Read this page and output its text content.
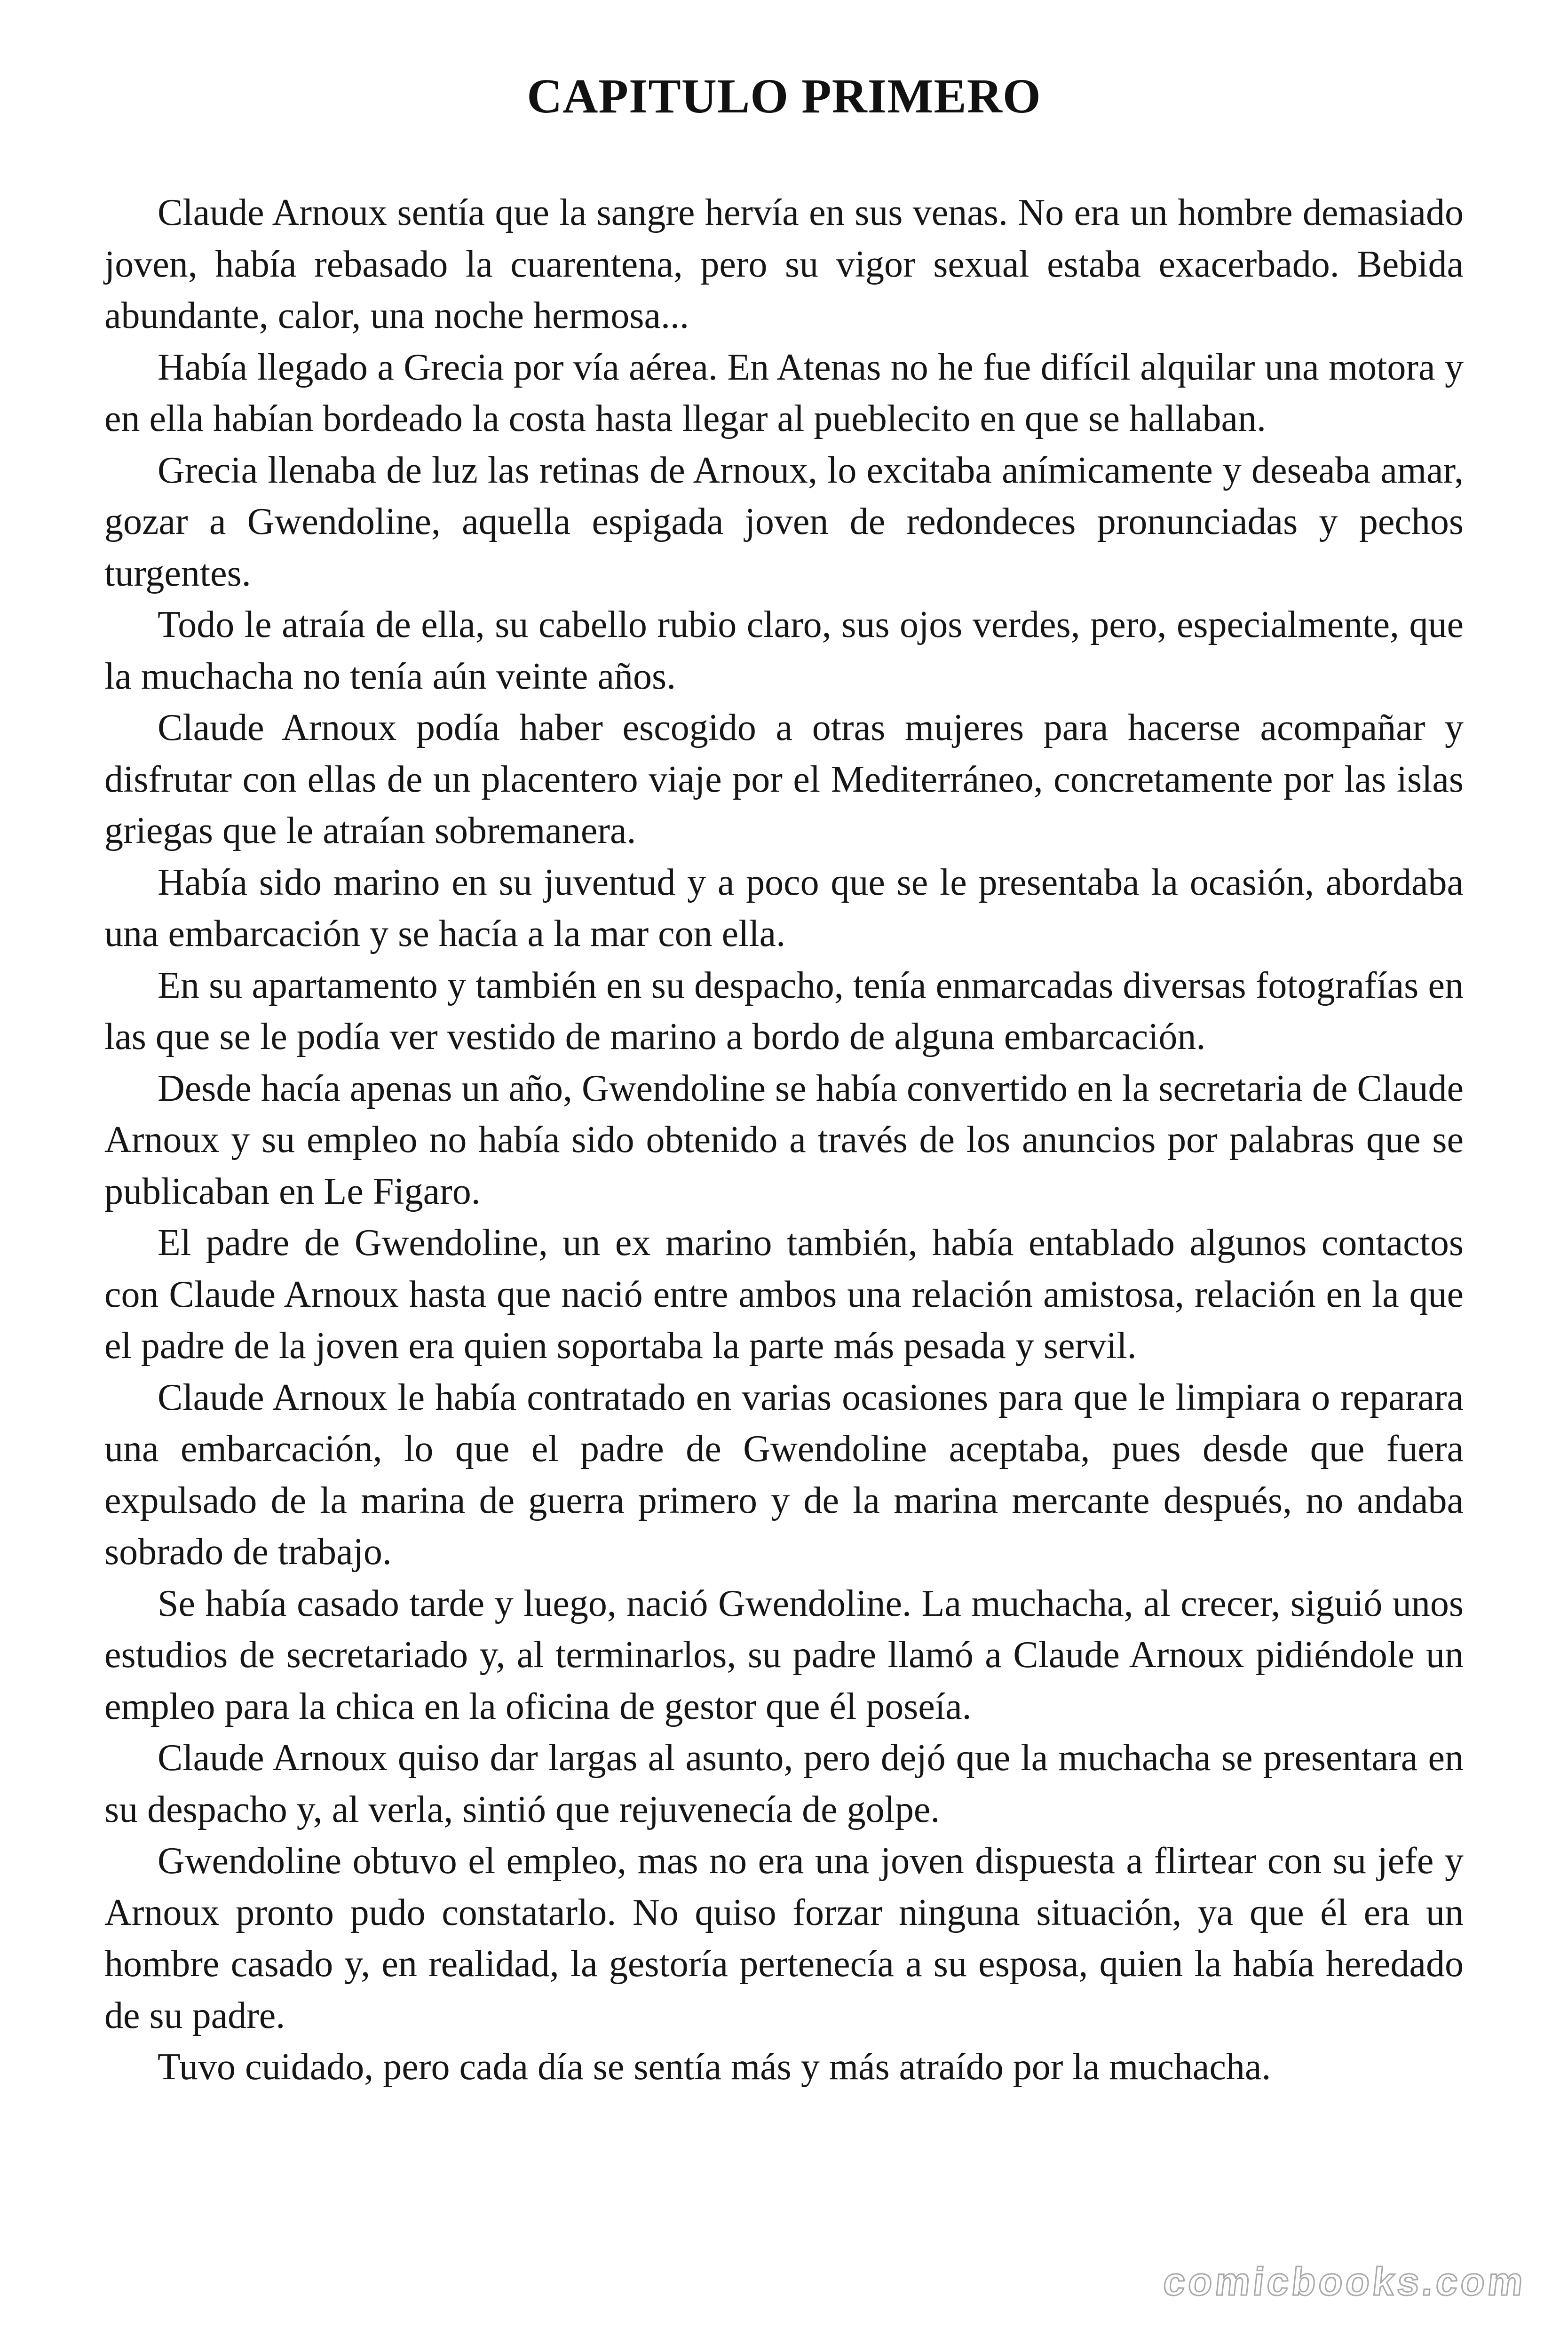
CAPITULO PRIMERO

Claude Arnoux sentía que la sangre hervía en sus venas. No era un hombre demasiado joven, había rebasado la cuarentena, pero su vigor sexual estaba exacerbado. Bebida abundante, calor, una noche hermosa...

Había llegado a Grecia por vía aérea. En Atenas no he fue difícil alquilar una motora y en ella habían bordeado la costa hasta llegar al pueblecito en que se hallaban.

Grecia llenaba de luz las retinas de Arnoux, lo excitaba anímicamente y deseaba amar, gozar a Gwendoline, aquella espigada joven de redondeces pronunciadas y pechos turgentes.

Todo le atraía de ella, su cabello rubio claro, sus ojos verdes, pero, especialmente, que la muchacha no tenía aún veinte años.

Claude Arnoux podía haber escogido a otras mujeres para hacerse acompañar y disfrutar con ellas de un placentero viaje por el Mediterráneo, concretamente por las islas griegas que le atraían sobremanera.

Había sido marino en su juventud y a poco que se le presentaba la ocasión, abordaba una embarcación y se hacía a la mar con ella.

En su apartamento y también en su despacho, tenía enmarcadas diversas fotografías en las que se le podía ver vestido de marino a bordo de alguna embarcación.

Desde hacía apenas un año, Gwendoline se había convertido en la secretaria de Claude Arnoux y su empleo no había sido obtenido a través de los anuncios por palabras que se publicaban en Le Figaro.

El padre de Gwendoline, un ex marino también, había entablado algunos contactos con Claude Arnoux hasta que nació entre ambos una relación amistosa, relación en la que el padre de la joven era quien soportaba la parte más pesada y servil.

Claude Arnoux le había contratado en varias ocasiones para que le limpiara o reparara una embarcación, lo que el padre de Gwendoline aceptaba, pues desde que fuera expulsado de la marina de guerra primero y de la marina mercante después, no andaba sobrado de trabajo.

Se había casado tarde y luego, nació Gwendoline. La muchacha, al crecer, siguió unos estudios de secretariado y, al terminarlos, su padre llamó a Claude Arnoux pidiéndole un empleo para la chica en la oficina de gestor que él poseía.

Claude Arnoux quiso dar largas al asunto, pero dejó que la muchacha se presentara en su despacho y, al verla, sintió que rejuvenecía de golpe.

Gwendoline obtuvo el empleo, mas no era una joven dispuesta a flirtear con su jefe y Arnoux pronto pudo constatarlo. No quiso forzar ninguna situación, ya que él era un hombre casado y, en realidad, la gestoría pertenecía a su esposa, quien la había heredado de su padre.

Tuvo cuidado, pero cada día se sentía más y más atraído por la muchacha.

comicbooks.com
